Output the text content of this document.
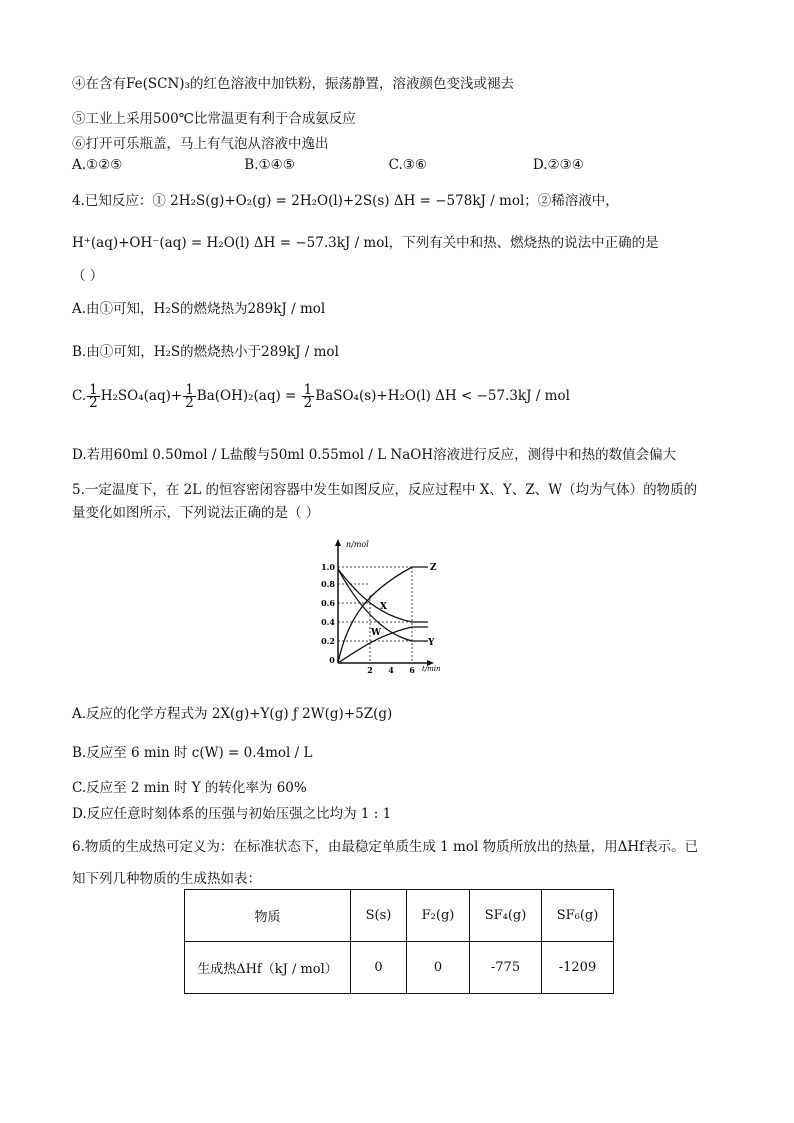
④在含有Fe(SCN)₃的红色溶液中加铁粉，振荡静置，溶液颜色变浅或褪去
⑤工业上采用500℃比常温更有利于合成氨反应
⑥打开可乐瓶盖，马上有气泡从溶液中逸出
A.①②⑤	B.①④⑤	C.③⑥	D.②③④
4.已知反应：① 2H₂S(g)+O₂(g) = 2H₂O(l)+2S(s) ΔH = −578kJ / mol；②稀溶液中，
H⁺(aq)+OH⁻(aq) = H₂O(l) ΔH = −57.3kJ / mol，下列有关中和热、燃烧热的说法中正确的是
（ ）
A.由①可知，H₂S的燃烧热为289kJ / mol
B.由①可知，H₂S的燃烧热小于289kJ / mol
C. $\frac{1}{2} H_2SO_4(aq)+ \frac{1}{2} Ba(OH)_2(aq) = \frac{1}{2}$ BaSO₄(s)+H₂O(l) ΔH < −57.3kJ / mol
D.若用60ml 0.50mol / L盐酸与50ml 0.55mol / L NaOH溶液进行反应，测得中和热的数值会偏大
5.一定温度下，在 2L 的恒容密闭容器中发生如图反应，反应过程中 X、Y、Z、W（均为气体）的物质的
量变化如图所示，下列说法正确的是（ ）
n/mol
t/min
1.0
0.8
0.6
0.4
0.2
0
2 4 6
Z
X
W
Y
A.反应的化学方程式为 2X(g)+Y(g) ƒ 2W(g)+5Z(g)
B.反应至 6 min 时 c(W) = 0.4mol / L
C.反应至 2 min 时 Y 的转化率为 60%
D.反应任意时刻体系的压强与初始压强之比均为 1 : 1
6.物质的生成热可定义为：在标准状态下，由最稳定单质生成 1 mol 物质所放出的热量，用ΔHf表示。已
知下列几种物质的生成热如表：
物质	S(s)	F₂(g)	SF₄(g)	SF₆(g)
生成热ΔHf（kJ / mol）	0	0	-775	-1209
